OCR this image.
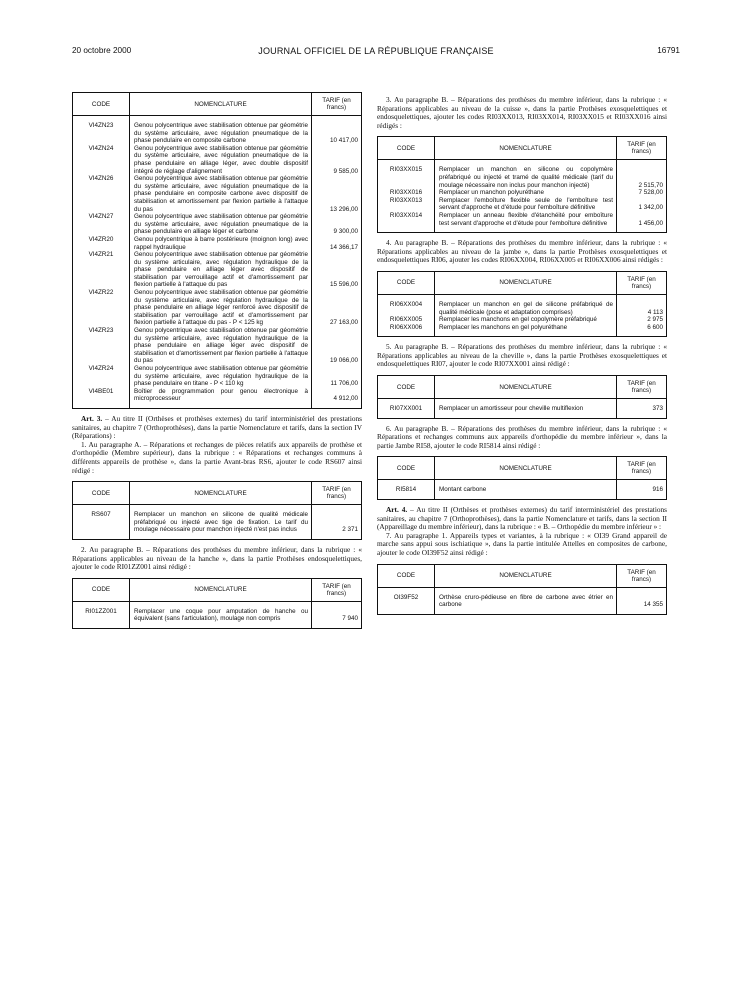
20 octobre 2000	JOURNAL OFFICIEL DE LA RÉPUBLIQUE FRANÇAISE	16791
CODE	NOMENCLATURE	TARIF (en francs)
VI4ZN23	Genou polycentrique avec stabilisation obtenue par géométrie du système articulaire, avec régulation pneumatique de la phase pendulaire en composite carbone	10 417,00
VI4ZN24	Genou polycentrique avec stabilisation obtenue par géométrie du système articulaire, avec régulation pneumatique de la phase pendulaire en alliage léger, avec double dispositif intégré de réglage d'alignement	9 585,00
VI4ZN26	Genou polycentrique avec stabilisation obtenue par géométrie du système articulaire, avec régulation pneumatique de la phase pendulaire en composite carbone avec dispositif de stabilisation et amortissement par flexion partielle à l'attaque du pas	13 296,00
VI4ZN27	Genou polycentrique avec stabilisation obtenue par géométrie du système articulaire, avec régulation pneumatique de la phase pendulaire en alliage léger et carbone	9 300,00
VI4ZR20	Genou polycentrique à barre postérieure (moignon long) avec rappel hydraulique	14 366,17
VI4ZR21	Genou polycentrique avec stabilisation obtenue par géométrie du système articulaire, avec régulation hydraulique de la phase pendulaire en alliage léger avec dispositif de stabilisation par verrouillage actif et d'amortissement par flexion partielle à l'attaque du pas	15 596,00
VI4ZR22	Genou polycentrique avec stabilisation obtenue par géométrie du système articulaire, avec régulation hydraulique de la phase pendulaire en alliage léger renforcé avec dispositif de stabilisation par verrouillage actif et d'amortissement par flexion partielle à l'attaque du pas - P < 125 kg	27 163,00
VI4ZR23	Genou polycentrique avec stabilisation obtenue par géométrie du système articulaire, avec régulation hydraulique de la phase pendulaire en alliage léger avec dispositif de stabilisation et d'amortissement par flexion partielle à l'attaque du pas	19 066,00
VI4ZR24	Genou polycentrique avec stabilisation obtenue par géométrie du système articulaire, avec régulation hydraulique de la phase pendulaire en titane - P < 110 kg	11 706,00
VI4BE01	Boîtier de programmation pour genou électronique à microprocesseur	4 912,00

Art. 3. – Au titre II (Orthèses et prothèses externes) du tarif interministériel des prestations sanitaires, au chapitre 7 (Orthoprothèses), dans la partie Nomenclature et tarifs, dans la section IV (Réparations) :

1. Au paragraphe A. – Réparations et rechanges de pièces relatifs aux appareils de prothèse et d'orthopédie (Membre supérieur), dans la rubrique : « Réparations et rechanges communs à différents appareils de prothèse », dans la partie Avant-bras RS6, ajouter le code RS607 ainsi rédigé :

CODE	NOMENCLATURE	TARIF (en francs)
RS607	Remplacer un manchon en silicone de qualité médicale préfabriqué ou injecté avec tige de fixation. Le tarif du moulage nécessaire pour manchon injecté n'est pas inclus	2 371

2. Au paragraphe B. – Réparations des prothèses du membre inférieur, dans la rubrique : « Réparations applicables au niveau de la hanche », dans la partie Prothèses endosquelettiques, ajouter le code RI01ZZ001 ainsi rédigé :

CODE	NOMENCLATURE	TARIF (en francs)
RI01ZZ001	Remplacer une coque pour amputation de hanche ou équivalent (sans l'articulation), moulage non compris	7 940

3. Au paragraphe B. – Réparations des prothèses du membre inférieur, dans la rubrique : « Réparations applicables au niveau de la cuisse », dans la partie Prothèses exosquelettiques et endosquelettiques, ajouter les codes RI03XX013, RI03XX014, RI03XX015 et RI03XX016 ainsi rédigés :

CODE	NOMENCLATURE	TARIF (en francs)
RI03XX015	Remplacer un manchon en silicone ou copolymère préfabriqué ou injecté et tramé de qualité médicale (tarif du moulage nécessaire non inclus pour manchon injecté)	2 515,70
RI03XX016	Remplacer un manchon polyuréthane	7 528,00
RI03XX013	Remplacer l'emboîture flexible seule de l'emboîture test servant d'approche et d'étude pour l'emboîture définitive	1 342,00
RI03XX014	Remplacer un anneau flexible d'étanchéité pour emboîture test servant d'approche et d'étude pour l'emboîture définitive	1 456,00

4. Au paragraphe B. – Réparations des prothèses du membre inférieur, dans la rubrique : « Réparations applicables au niveau de la jambe », dans la partie Prothèses exosquelettiques et endosquelettiques RI06, ajouter les codes RI06XX004, RI06XX005 et RI06XX006 ainsi rédigés :

CODE	NOMENCLATURE	TARIF (en francs)
RI06XX004	Remplacer un manchon en gel de silicone préfabriqué de qualité médicale (pose et adaptation comprises)	4 113
RI06XX005	Remplacer les manchons en gel copolymère préfabriqué	2 975
RI06XX006	Remplacer les manchons en gel polyuréthane	6 600

5. Au paragraphe B. – Réparations des prothèses du membre inférieur, dans la rubrique : « Réparations applicables au niveau de la cheville », dans la partie Prothèses exosquelettiques et endosquelettiques RI07, ajouter le code RI07XX001 ainsi rédigé :

CODE	NOMENCLATURE	TARIF (en francs)
RI07XX001	Remplacer un amortisseur pour cheville multiflexion	373

6. Au paragraphe B. – Réparations des prothèses du membre inférieur, dans la rubrique : « Réparations et rechanges communs aux appareils d'orthopédie du membre inférieur », dans la partie Jambe RI58, ajouter le code RI5814 ainsi rédigé :

CODE	NOMENCLATURE	TARIF (en francs)
RI5814	Montant carbone	916

Art. 4. – Au titre II (Orthèses et prothèses externes) du tarif interministériel des prestations sanitaires, au chapitre 7 (Orthoprothèses), dans la partie Nomenclature et tarifs, dans la section II (Appareillage du membre inférieur), dans la rubrique : « B. – Orthopédie du membre inférieur » :

7. Au paragraphe 1. Appareils types et variantes, à la rubrique : « OI39 Grand appareil de marche sans appui sous ischiatique », dans la partie intitulée Attelles en composites de carbone, ajouter le code OI39F52 ainsi rédigé :

CODE	NOMENCLATURE	TARIF (en francs)
OI39F52	Orthèse cruro-pédieuse en fibre de carbone avec étrier en carbone	14 355
